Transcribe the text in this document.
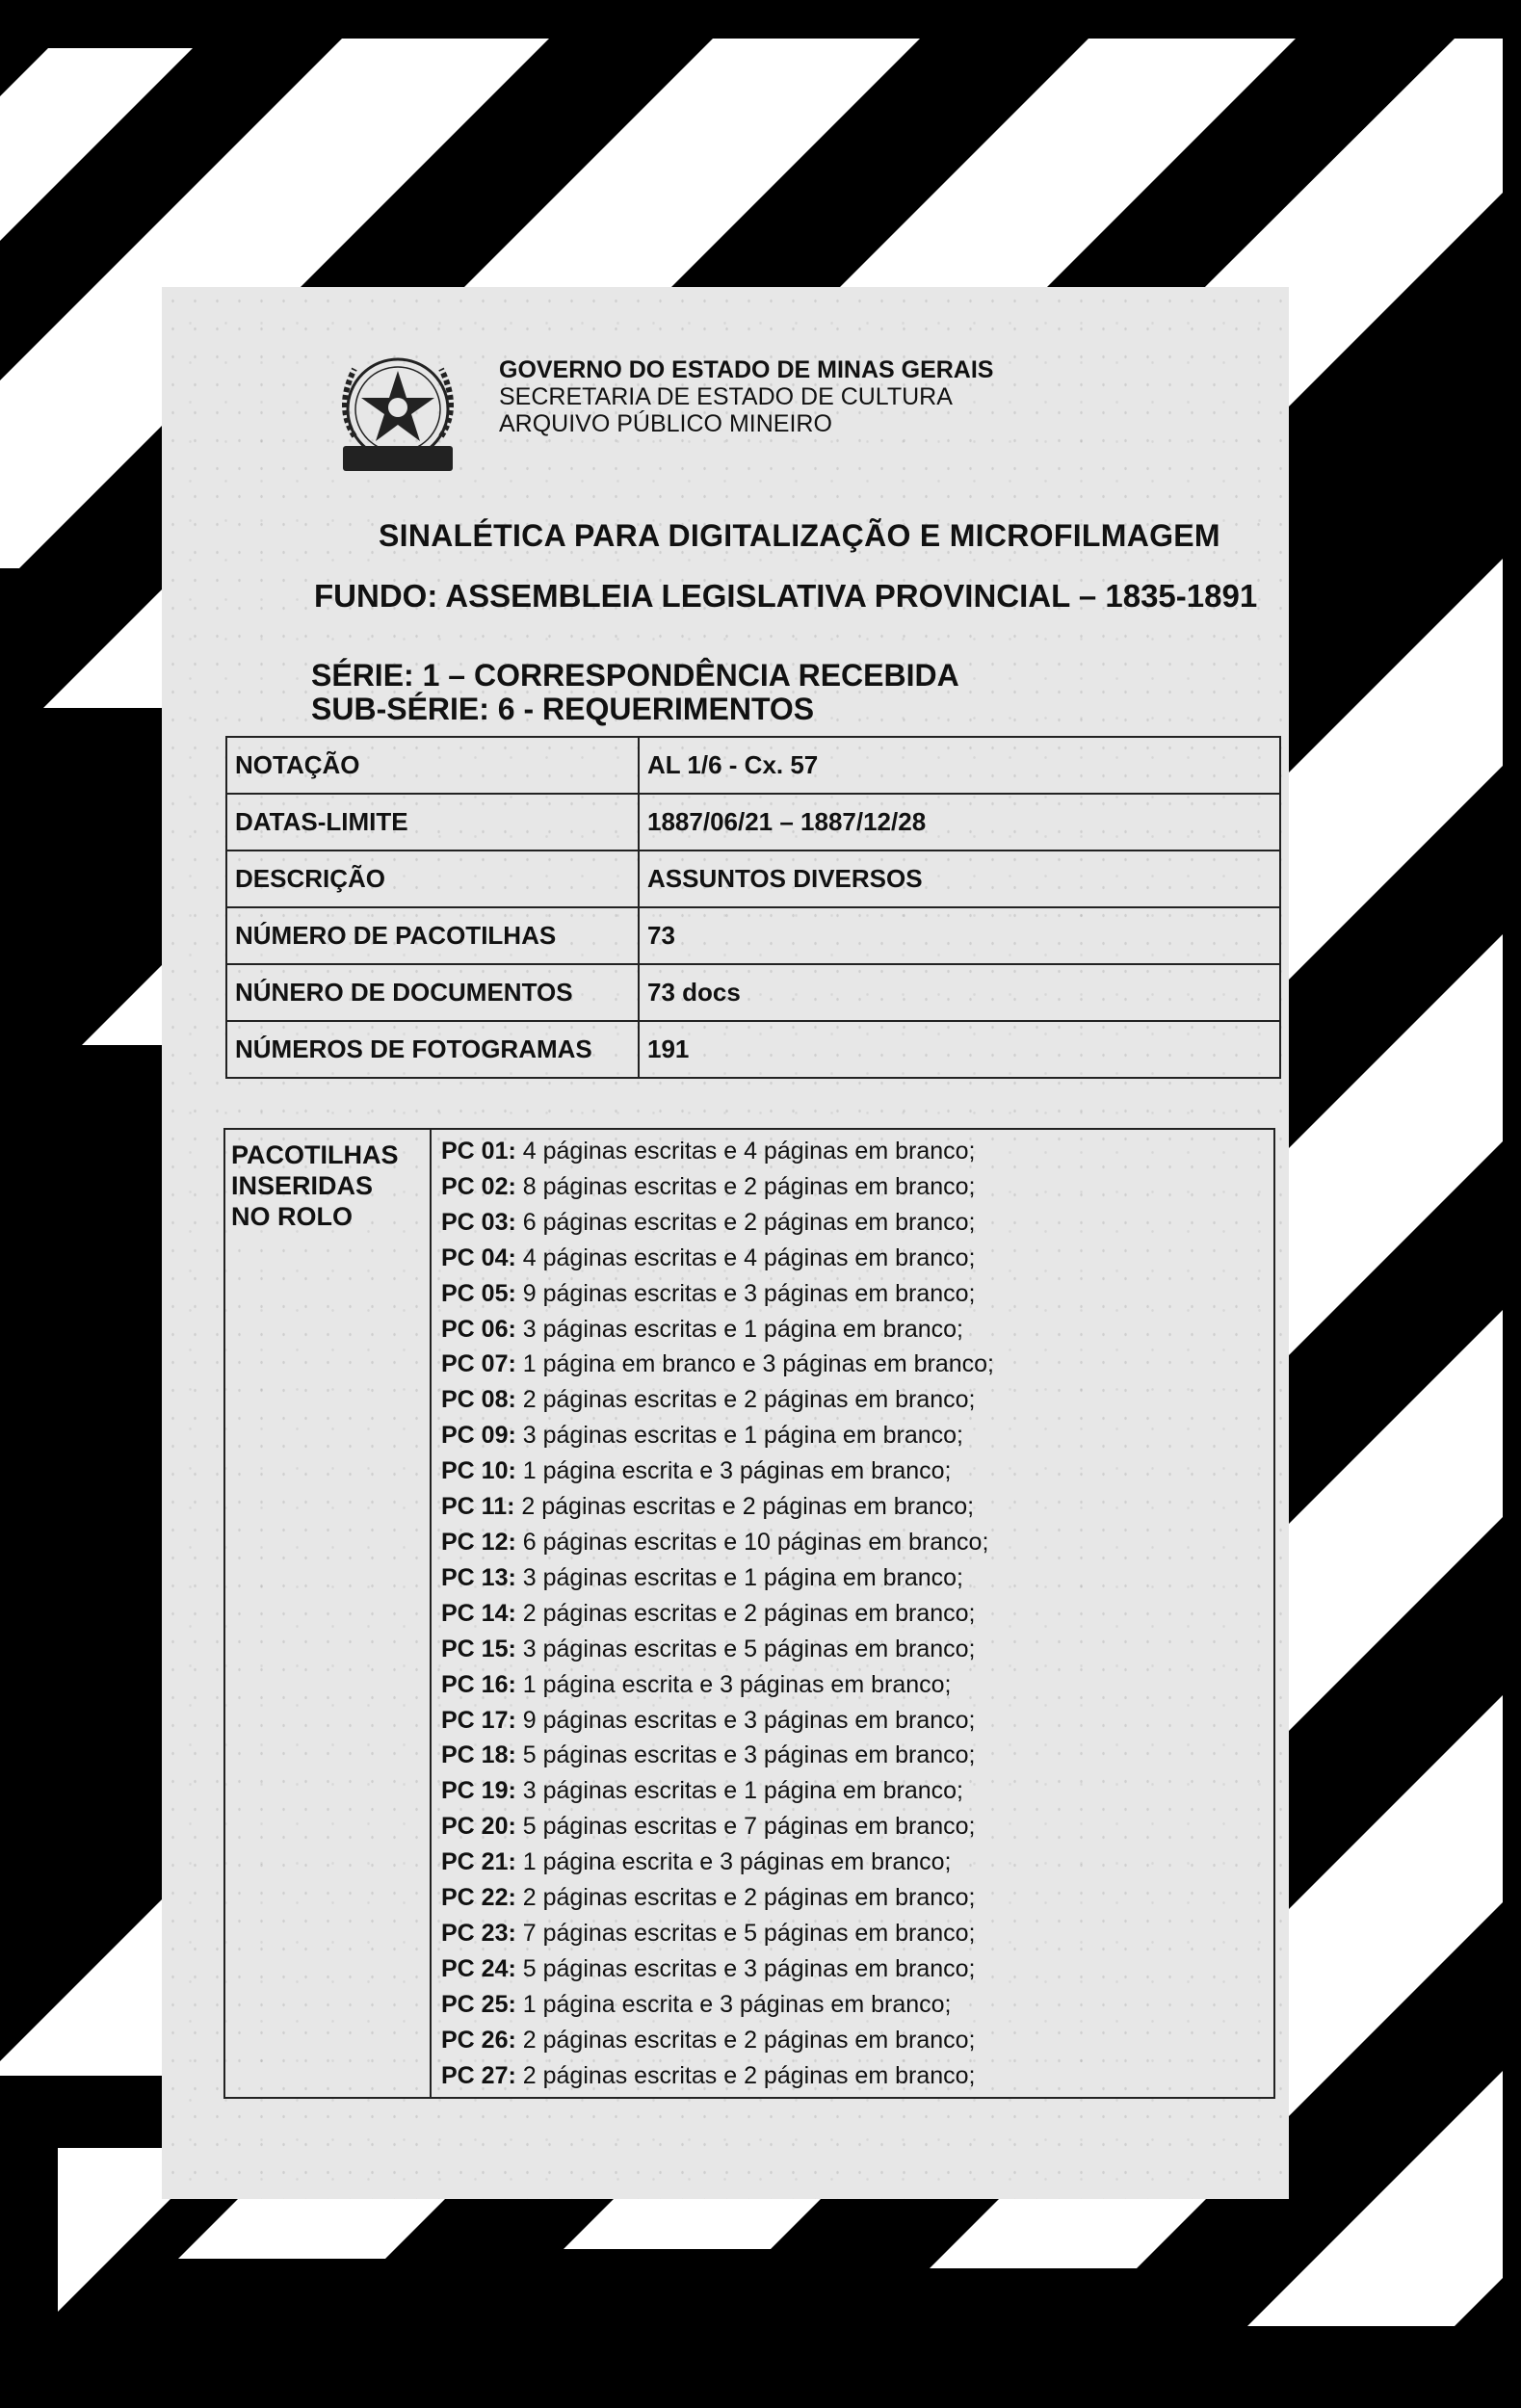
GOVERNO DO ESTADO DE MINAS GERAIS
SECRETARIA DE ESTADO DE CULTURA
ARQUIVO PÚBLICO MINEIRO
SINALÉTICA PARA DIGITALIZAÇÃO E MICROFILMAGEM
FUNDO: ASSEMBLEIA LEGISLATIVA PROVINCIAL – 1835-1891
SÉRIE: 1 – CORRESPONDÊNCIA RECEBIDA
SUB-SÉRIE: 6 - REQUERIMENTOS
NOTAÇÃO	AL 1/6 - Cx. 57
DATAS-LIMITE	1887/06/21 – 1887/12/28
DESCRIÇÃO	ASSUNTOS DIVERSOS
NÚMERO DE PACOTILHAS	73
NÚNERO DE DOCUMENTOS	73 docs
NÚMEROS DE FOTOGRAMAS	191
PACOTILHAS INSERIDAS NO ROLO

PC 01: 4 páginas escritas e 4 páginas em branco;
PC 02: 8 páginas escritas e 2 páginas em branco;
PC 03: 6 páginas escritas e 2 páginas em branco;
PC 04: 4 páginas escritas e 4 páginas em branco;
PC 05: 9 páginas escritas e 3 páginas em branco;
PC 06: 3 páginas escritas e 1 página em branco;
PC 07: 1 página em branco e 3 páginas em branco;
PC 08: 2 páginas escritas e 2 páginas em branco;
PC 09: 3 páginas escritas e 1 página em branco;
PC 10: 1 página escrita e 3 páginas em branco;
PC 11: 2 páginas escritas e 2 páginas em branco;
PC 12: 6 páginas escritas e 10 páginas em branco;
PC 13: 3 páginas escritas e 1 página em branco;
PC 14: 2 páginas escritas e 2 páginas em branco;
PC 15: 3 páginas escritas e 5 páginas em branco;
PC 16: 1 página escrita e 3 páginas em branco;
PC 17: 9 páginas escritas e 3 páginas em branco;
PC 18: 5 páginas escritas e 3 páginas em branco;
PC 19: 3 páginas escritas e 1 página em branco;
PC 20: 5 páginas escritas e 7 páginas em branco;
PC 21: 1 página escrita e 3 páginas em branco;
PC 22: 2 páginas escritas e 2 páginas em branco;
PC 23: 7 páginas escritas e 5 páginas em branco;
PC 24: 5 páginas escritas e 3 páginas em branco;
PC 25: 1 página escrita e 3 páginas em branco;
PC 26: 2 páginas escritas e 2 páginas em branco;
PC 27: 2 páginas escritas e 2 páginas em branco;
